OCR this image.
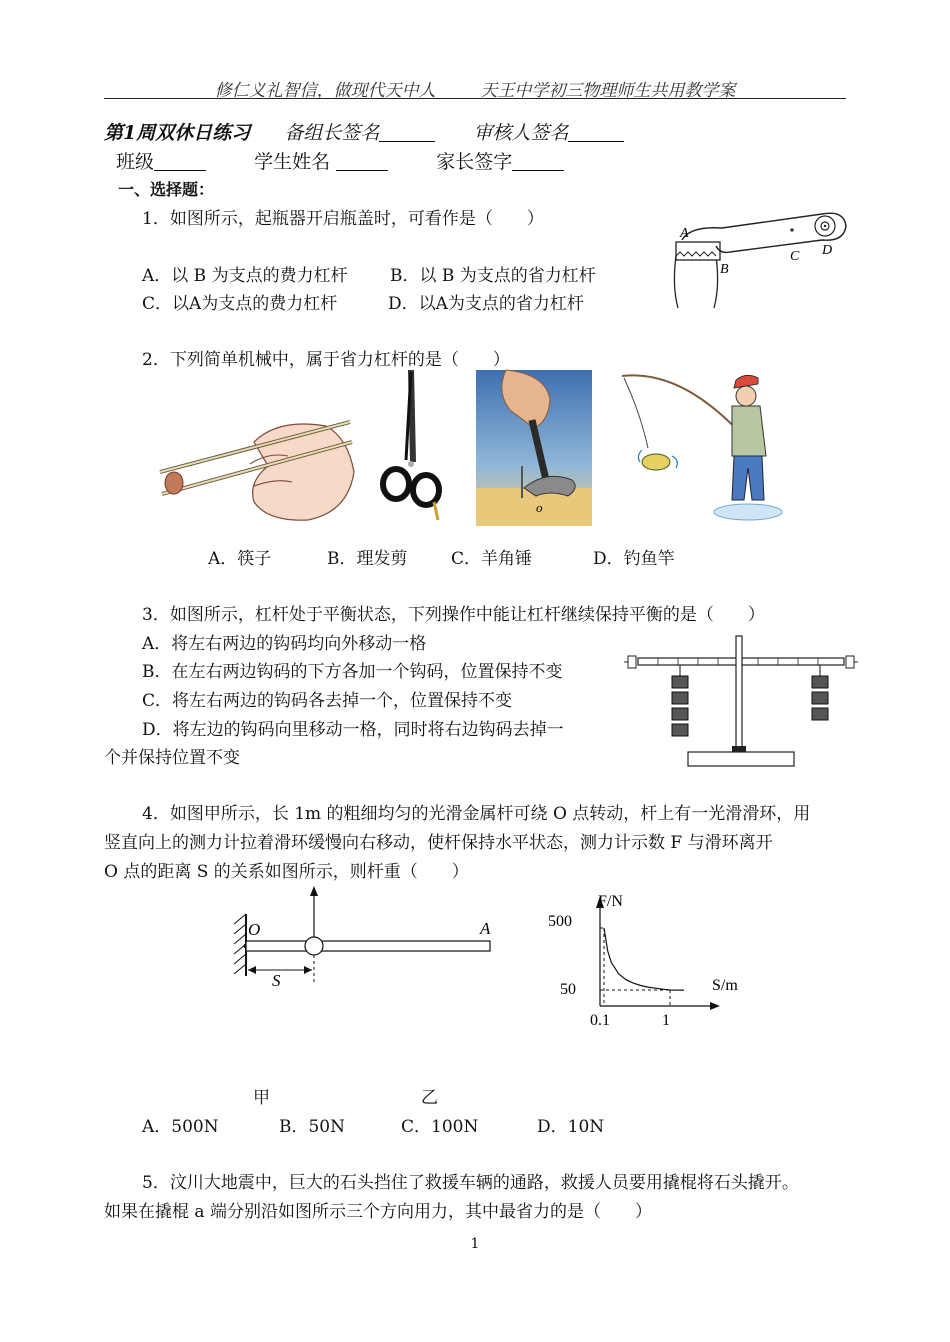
修仁义礼智信，做现代天中人	天王中学初三物理师生共用教学案
第1周双休日练习 备组长签名	审核人签名
班级	学生姓名	家长签字
一、选择题：
1．如图所示，起瓶器开启瓶盖时，可看作是（　　）
A．以 B 为支点的费力杠杆 B．以 B 为支点的省力杠杆
C．以A为支点的费力杠杆	D．以A为支点的省力杠杆
A
B
C D
2．下列简单机械中，属于省力杠杆的是（　　）
o
A．筷子	B．理发剪	C．羊角锤	D．钓鱼竿
3．如图所示，杠杆处于平衡状态，下列操作中能让杠杆继续保持平衡的是（　　）
A．将左右两边的钩码均向外移动一格
B．在左右两边钩码的下方各加一个钩码，位置保持不变
C．将左右两边的钩码各去掉一个，位置保持不变
D．将左边的钩码向里移动一格，同时将右边钩码去掉一
个并保持位置不变
4．如图甲所示，长 1m 的粗细均匀的光滑金属杆可绕 O 点转动，杆上有一光滑滑环，用
竖直向上的测力计拉着滑环缓慢向右移动，使杆保持水平状态，测力计示数 F 与滑环离开
O 点的距离 S 的关系如图所示，则杆重（　　）
O	A
S
F/N
S/m
500
50
0.1	1
甲	乙
A．500N	B．50N	C．100N	D．10N
5．汶川大地震中，巨大的石头挡住了救援车辆的通路，救援人员要用撬棍将石头撬开。
如果在撬棍 a 端分别沿如图所示三个方向用力，其中最省力的是（　　）
1
